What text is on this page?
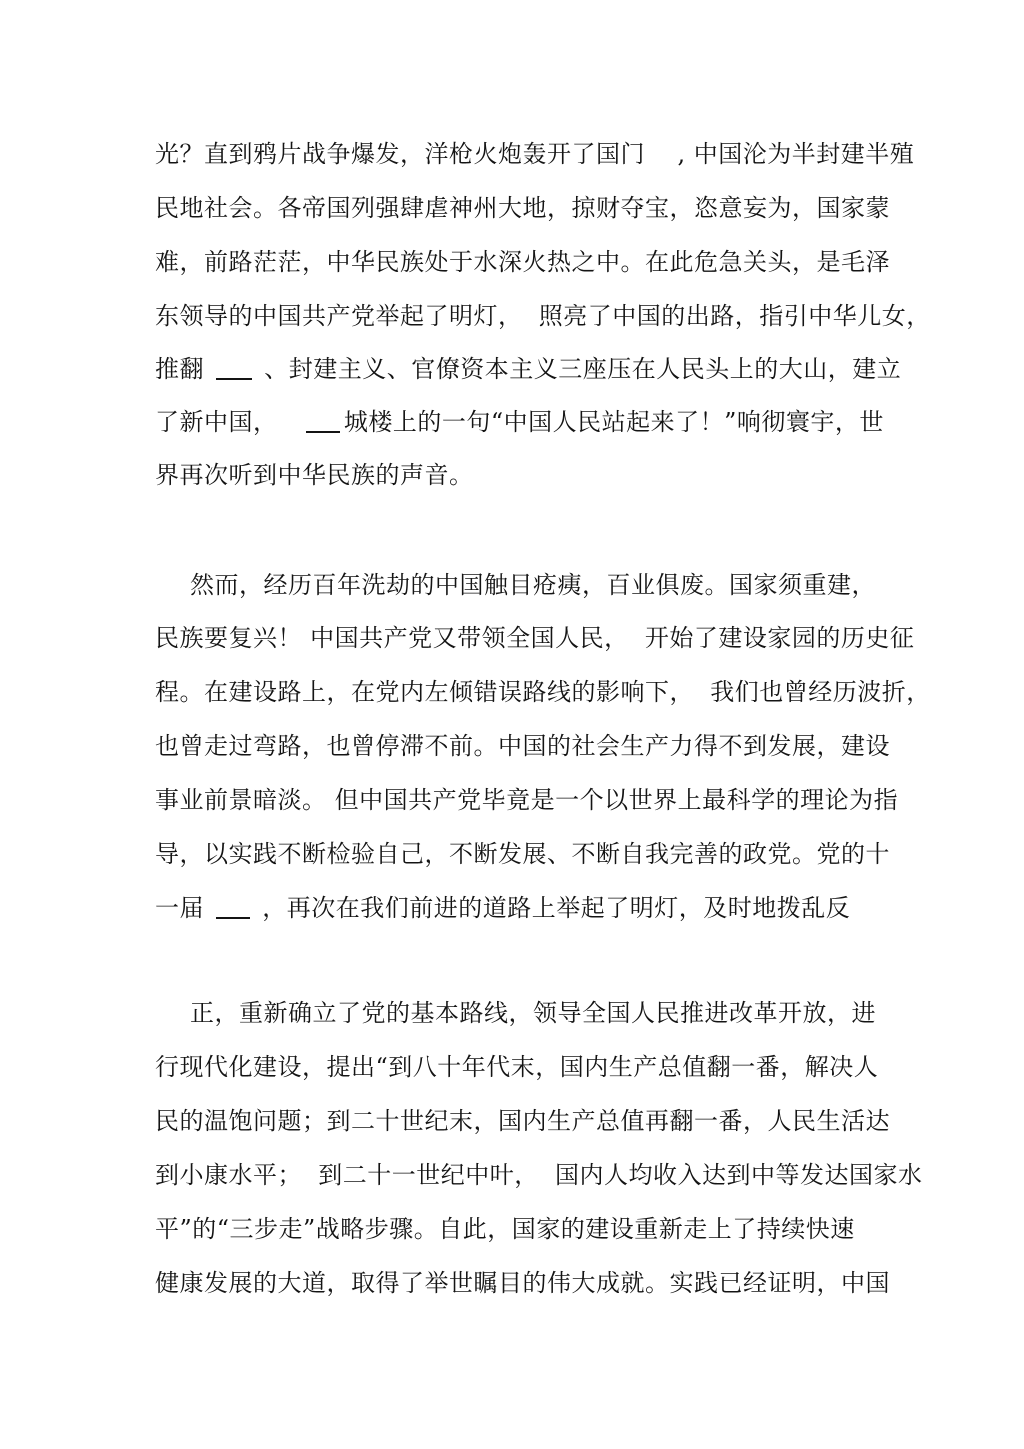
光？直到鸦片战争爆发，洋枪火炮轰开了国门    , 中国沦为半封建半殖
民地社会。各帝国列强肆虐神州大地，掠财夺宝，恣意妄为，国家蒙
难，前路茫茫，中华民族处于水深火热之中。在此危急关头，是毛泽
东领导的中国共产党举起了明灯，  照亮了中国的出路，指引中华儿女，
推翻  、封建主义、官僚资本主义三座压在人民头上的大山，建立
了新中国，   城楼上的一句“中国人民站起来了！”响彻寰宇，世
界再次听到中华民族的声音。
然而，经历百年洗劫的中国触目疮痍，百业俱废。国家须重建，
民族要复兴！ 中国共产党又带领全国人民，  开始了建设家园的历史征
程。在建设路上，在党内左倾错误路线的影响下，  我们也曾经历波折，
也曾走过弯路，也曾停滞不前。中国的社会生产力得不到发展，建设
事业前景暗淡。 但中国共产党毕竟是一个以世界上最科学的理论为指
导，以实践不断检验自己，不断发展、不断自我完善的政党。党的十
一届  ，再次在我们前进的道路上举起了明灯，及时地拨乱反
正，重新确立了党的基本路线，领导全国人民推进改革开放，进
行现代化建设，提出“到八十年代末，国内生产总值翻一番，解决人
民的温饱问题；到二十世纪末，国内生产总值再翻一番，人民生活达
到小康水平；  到二十一世纪中叶，  国内人均收入达到中等发达国家水
平”的“三步走”战略步骤。自此，国家的建设重新走上了持续快速
健康发展的大道，取得了举世瞩目的伟大成就。实践已经证明，中国
